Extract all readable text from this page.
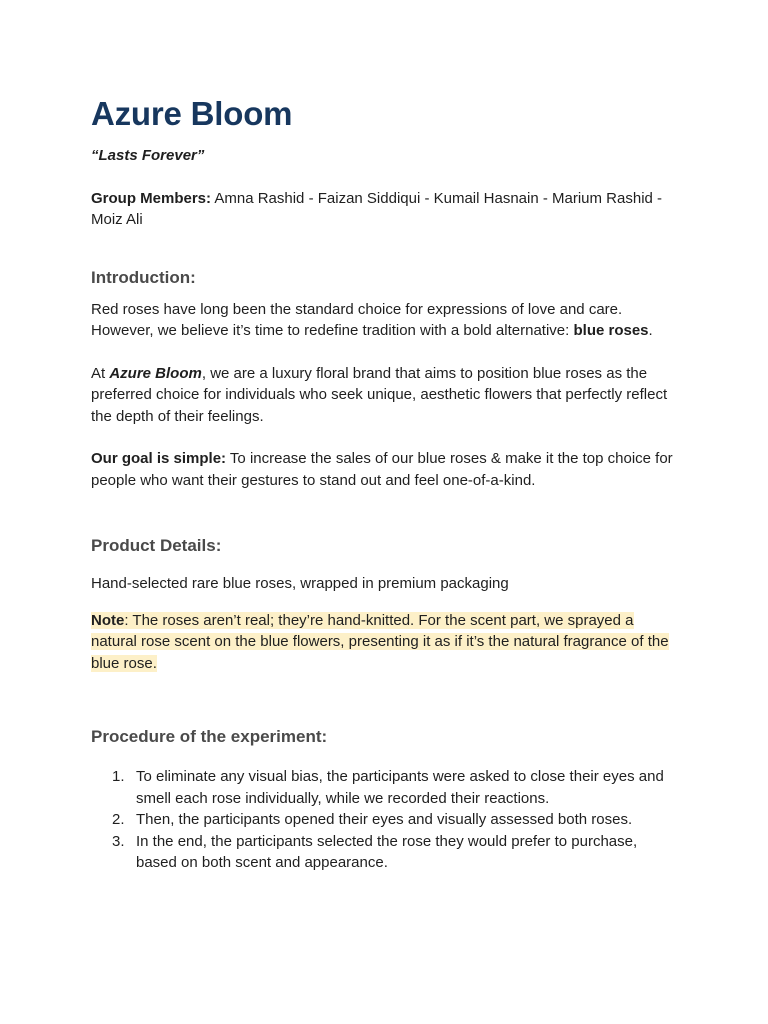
Azure Bloom

“Lasts Forever”

Group Members: Amna Rashid - Faizan Siddiqui - Kumail Hasnain - Marium Rashid - Moiz Ali

Introduction:

Red roses have long been the standard choice for expressions of love and care. However, we believe it’s time to redefine tradition with a bold alternative: blue roses.

At Azure Bloom, we are a luxury floral brand that aims to position blue roses as the preferred choice for individuals who seek unique, aesthetic flowers that perfectly reflect the depth of their feelings.

Our goal is simple: To increase the sales of our blue roses & make it the top choice for people who want their gestures to stand out and feel one-of-a-kind.

Product Details:

Hand-selected rare blue roses, wrapped in premium packaging

Note: The roses aren’t real; they’re hand-knitted. For the scent part, we sprayed a natural rose scent on the blue flowers, presenting it as if it’s the natural fragrance of the blue rose.

Procedure of the experiment:
1. To eliminate any visual bias, the participants were asked to close their eyes and smell each rose individually, while we recorded their reactions.
2. Then, the participants opened their eyes and visually assessed both roses.
3. In the end, the participants selected the rose they would prefer to purchase, based on both scent and appearance.
